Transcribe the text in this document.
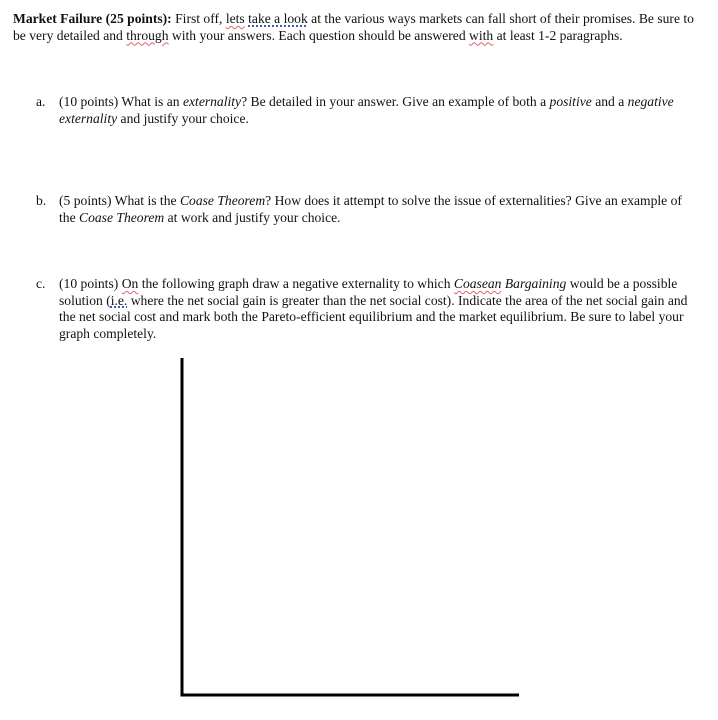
Market Failure (25 points): First off, lets take a look at the various ways markets can fall short of their promises. Be sure to be very detailed and through with your answers. Each question should be answered with at least 1-2 paragraphs.
a. (10 points) What is an externality? Be detailed in your answer. Give an example of both a positive and a negative externality and justify your choice.
b. (5 points) What is the Coase Theorem? How does it attempt to solve the issue of externalities? Give an example of the Coase Theorem at work and justify your choice.
c. (10 points) On the following graph draw a negative externality to which Coasean Bargaining would be a possible solution (i.e. where the net social gain is greater than the net social cost). Indicate the area of the net social gain and the net social cost and mark both the Pareto-efficient equilibrium and the market equilibrium. Be sure to label your graph completely.
